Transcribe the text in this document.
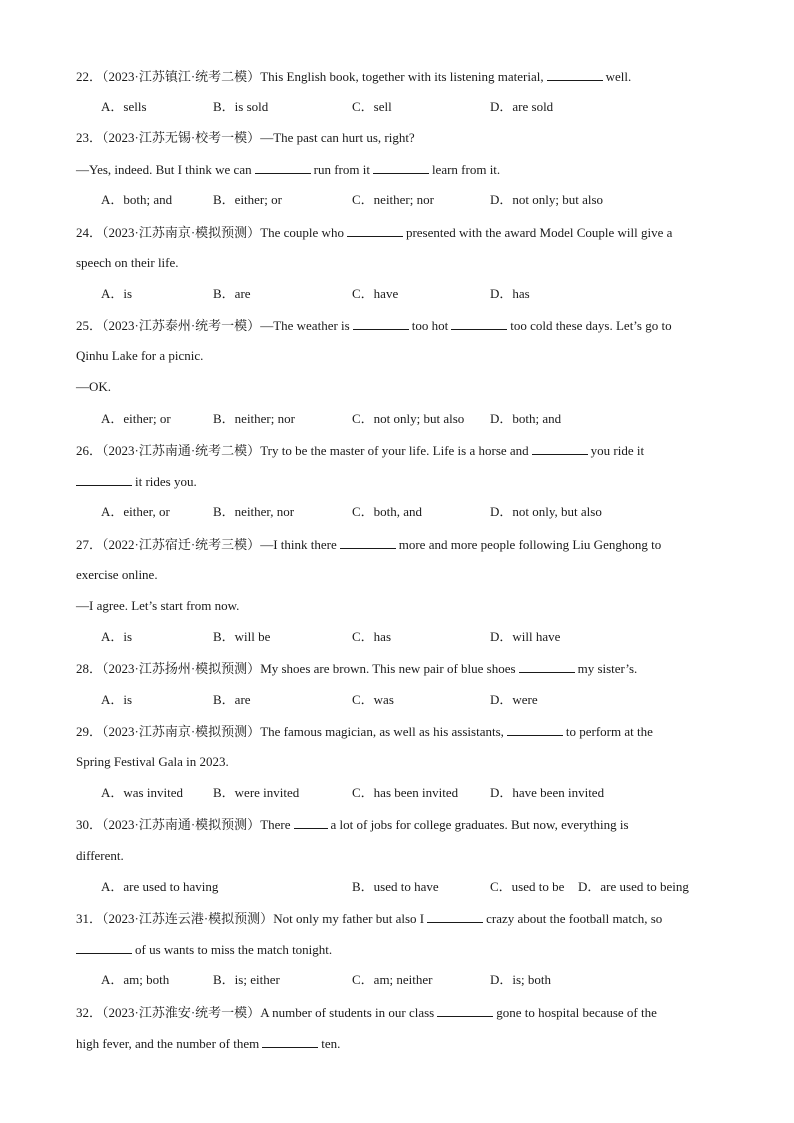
22．（2023·江苏镇江·统考二模）This English book, together with its listening material,	well.
A．sells	B．is sold	C．sell	D．are sold
23．（2023·江苏无锡·校考一模）—The past can hurt us, right?
—Yes, indeed. But I think we can	run from it	learn from it.
A．both; and	B．either; or	C．neither; nor	D．not only; but also
24．（2023·江苏南京·模拟预测）The couple who	presented with the award Model Couple will give a
speech on their life.
A．is	B．are	C．have	D．has
25．（2023·江苏泰州·统考一模）—The weather is	too hot	too cold these days. Let’s go to
Qinhu Lake for a picnic.
—OK.
A．either; or	B．neither; nor	C．not only; but also D．both; and
26．（2023·江苏南通·统考二模）Try to be the master of your life. Life is a horse and	you ride it
it rides you.
A．either, or	B．neither, nor	C．both, and	D．not only, but also
27．（2022·江苏宿迁·统考三模）—I think there	more and more people following Liu Genghong to
exercise online.
—I agree. Let’s start from now.
A．is	B．will be	C．has	D．will have
28．（2023·江苏扬州·模拟预测）My shoes are brown. This new pair of blue shoes	my sister’s.
A．is	B．are	C．was	D．were
29．（2023·江苏南京·模拟预测）The famous magician, as well as his assistants,	to perform at the
Spring Festival Gala in 2023.
A．was invited B．were invited	C．has been invited D．have been invited
30．（2023·江苏南通·模拟预测）There	a lot of jobs for college graduates. But now, everything is
different.
A．are used to having	B．used to have	C．used to be D．are used to being
31．（2023·江苏连云港·模拟预测）Not only my father but also I	crazy about the football match, so
of us wants to miss the match tonight.
A．am; both	B．is; either	C．am; neither	D．is; both
32．（2023·江苏淮安·统考一模）A number of students in our class	gone to hospital because of the
high fever, and the number of them	ten.
